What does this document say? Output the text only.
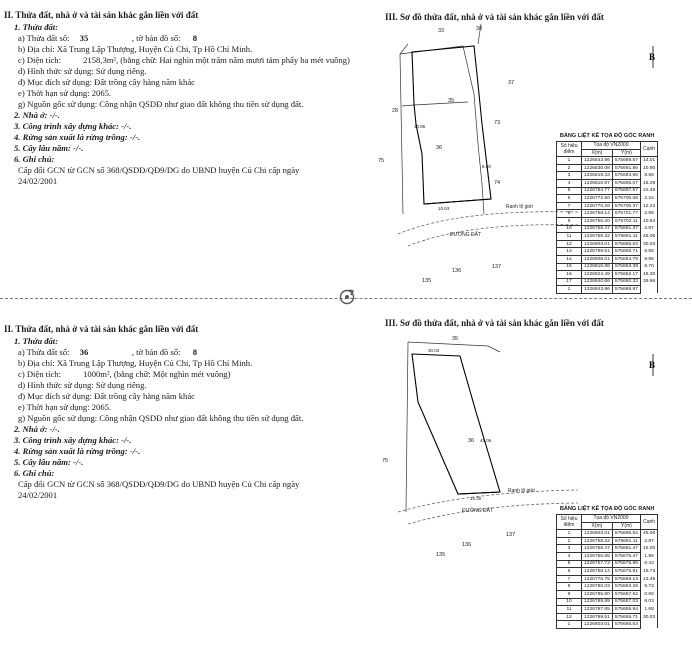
II. Thửa đất, nhà ở và tài sản khác gắn liền với đất
1. Thửa đất:
a) Thửa đất số: 35	, tờ bản đồ số: 8
b) Địa chỉ: Xã Trung Lập Thượng, Huyện Củ Chi, Tp Hồ Chí Minh.
c) Diện tích:	2158,3m², (bằng chữ: Hai nghìn một trăm năm mươi tám phẩy ba mét vuông)
d) Hình thức sử dụng: Sử dụng riêng.
đ) Mục đích sử dụng: Đất trồng cây hàng năm khác
e) Thời hạn sử dụng: 2065.
g) Nguồn gốc sử dụng: Công nhận QSDĐ như giao đất không thu tiền sử dụng đất.
2. Nhà ở: -/-.
3. Công trình xây dựng khác: -/-.
4. Rừng sản xuất là rừng trồng: -/-.
5. Cây lâu năm: -/-.
6. Ghi chú:
Cấp đổi GCN từ GCN số 368/QSDĐ/QĐ9/DG do UBND huyện Củ Chi cấp ngày 24/02/2001
III. Sơ đồ thửa đất, nhà ở và tài sản khác gắn liền với đất
33	38
37
35
28
73
36
75
74
136
137
135
ĐƯỜNG ĐẤT
Ranh lộ giới
10.86
10.63
8.58
B
BẢNG LIỆT KÊ TỌA ĐỘ GÓC RANH
Số hiệu điểm	Tọa độ VN2000		Cạnh
	X(m)	Y(m)	
1	1226843.96	575689.57	14.01
2	1226830.08	575691.86	10.90
3	1226819.33	575693.66	8.58
4	1226810.87	575695.07	16.29
5	1226794.77	575697.57	22.46
6	1226772.50	575700.08	2.24
7	1226770.28	575700.37	12.22
8	1226758.14	575701.77	2.96
9	1226755.20	575702.11	10.64
10	1226755.47	575691.47	2.87
11	1226758.32	575691.11	45.06
12	1226803.01	575685.53	30.03
13	1226799.51	575655.71	6.58
14	1226806.01	575654.79	9.95
15	1226815.88	575653.39	8.70
16	1226824.49	575652.17	16.30
17	1226840.66	575650.33	39.96
1	1226843.96	575689.97	
II. Thửa đất, nhà ở và tài sản khác gắn liền với đất
1. Thửa đất:
a) Thửa đất số: 36	, tờ bản đồ số: 8
b) Địa chỉ: Xã Trung Lập Thượng, Huyện Củ Chi, Tp Hồ Chí Minh.
c) Diện tích:	1000m², (bằng chữ: Một nghìn mét vuông)
d) Hình thức sử dụng: Sử dụng riêng.
đ) Mục đích sử dụng: Đất trồng cây hàng năm khác
e) Thời hạn sử dụng: 2065.
g) Nguồn gốc sử dụng: Công nhận QSDĐ như giao đất không thu tiền sử dụng đất.
2. Nhà ở: -/-.
3. Công trình xây dựng khác: -/-.
4. Rừng sản xuất là rừng trồng: -/-.
5. Cây lâu năm: -/-.
6. Ghi chú:
Cấp đổi GCN từ GCN số 368/QSDĐ/QĐ9/DG do UBND huyện Củ Chi cấp ngày 24/02/2001
III. Sơ đồ thửa đất, nhà ở và tài sản khác gắn liền với đất
35
36
75
136
137
135
ĐƯỜNG ĐẤT
Ranh lộ giới
30.03
45.06
15.00
B
BẢNG LIỆT KÊ TỌA ĐỘ GÓC RANH
Số hiệu điểm	Tọa độ VN2000		Cạnh
	X(m)	Y(m)	
1	1226803.01	575685.53	45.06
2	1226758.32	575691.11	2.87
3	1226755.47	575691.47	15.00
4	1226755.85	575676.47	1.95
5	1226757.73	575675.95	0.43
6	1226758.14	575675.81	19.73
7	1226776.75	575669.13	13.46
8	1226780.03	575663.26	5.72
9	1226785.80	575657.62	0.60
10	1226789.89	575657.03	8.03
11	1226797.85	575655.94	1.68
12	1226799.51	575655.71	30.03
1	1226803.01	575685.53	
